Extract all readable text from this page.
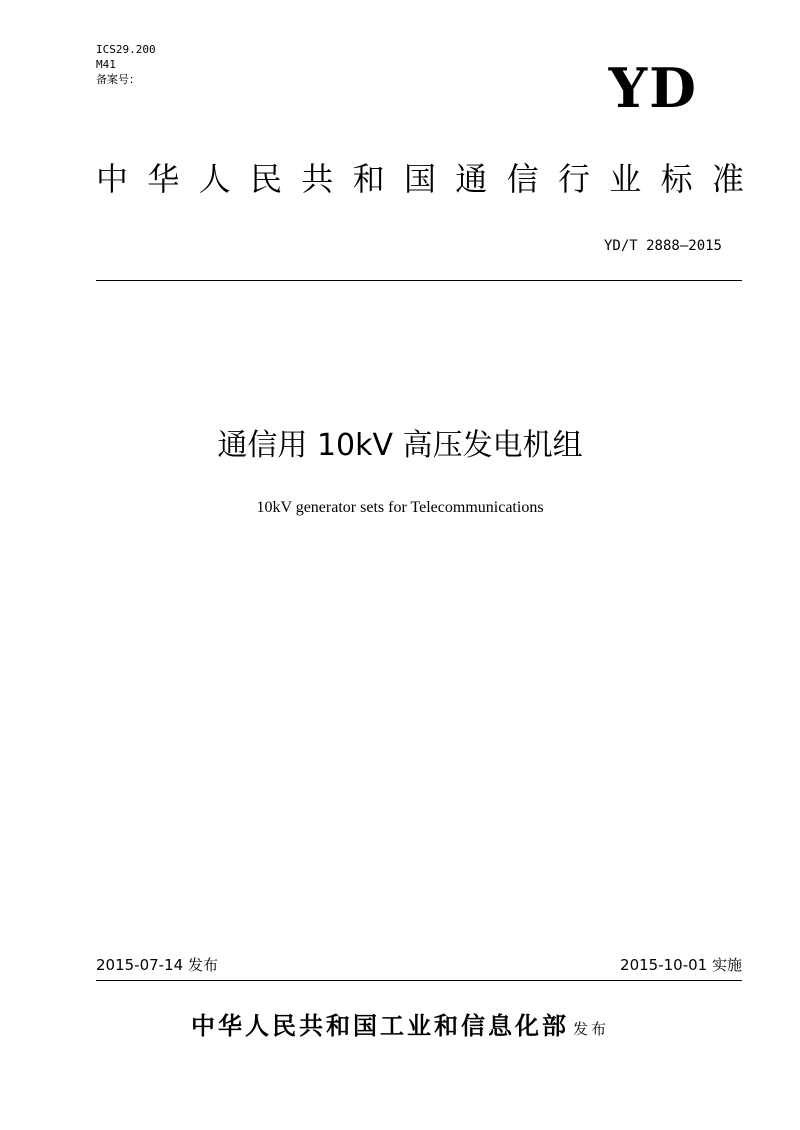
ICS29.200
M41
备案号：	YD
中 华 人 民 共 和 国 通 信 行 业 标 准
YD/T 2888—2015
通信用 10kV 高压发电机组
10kV generator sets for Telecommunications
2015-07-14 发布	2015-10-01 实施
中华人民共和国工业和信息化部 发布
